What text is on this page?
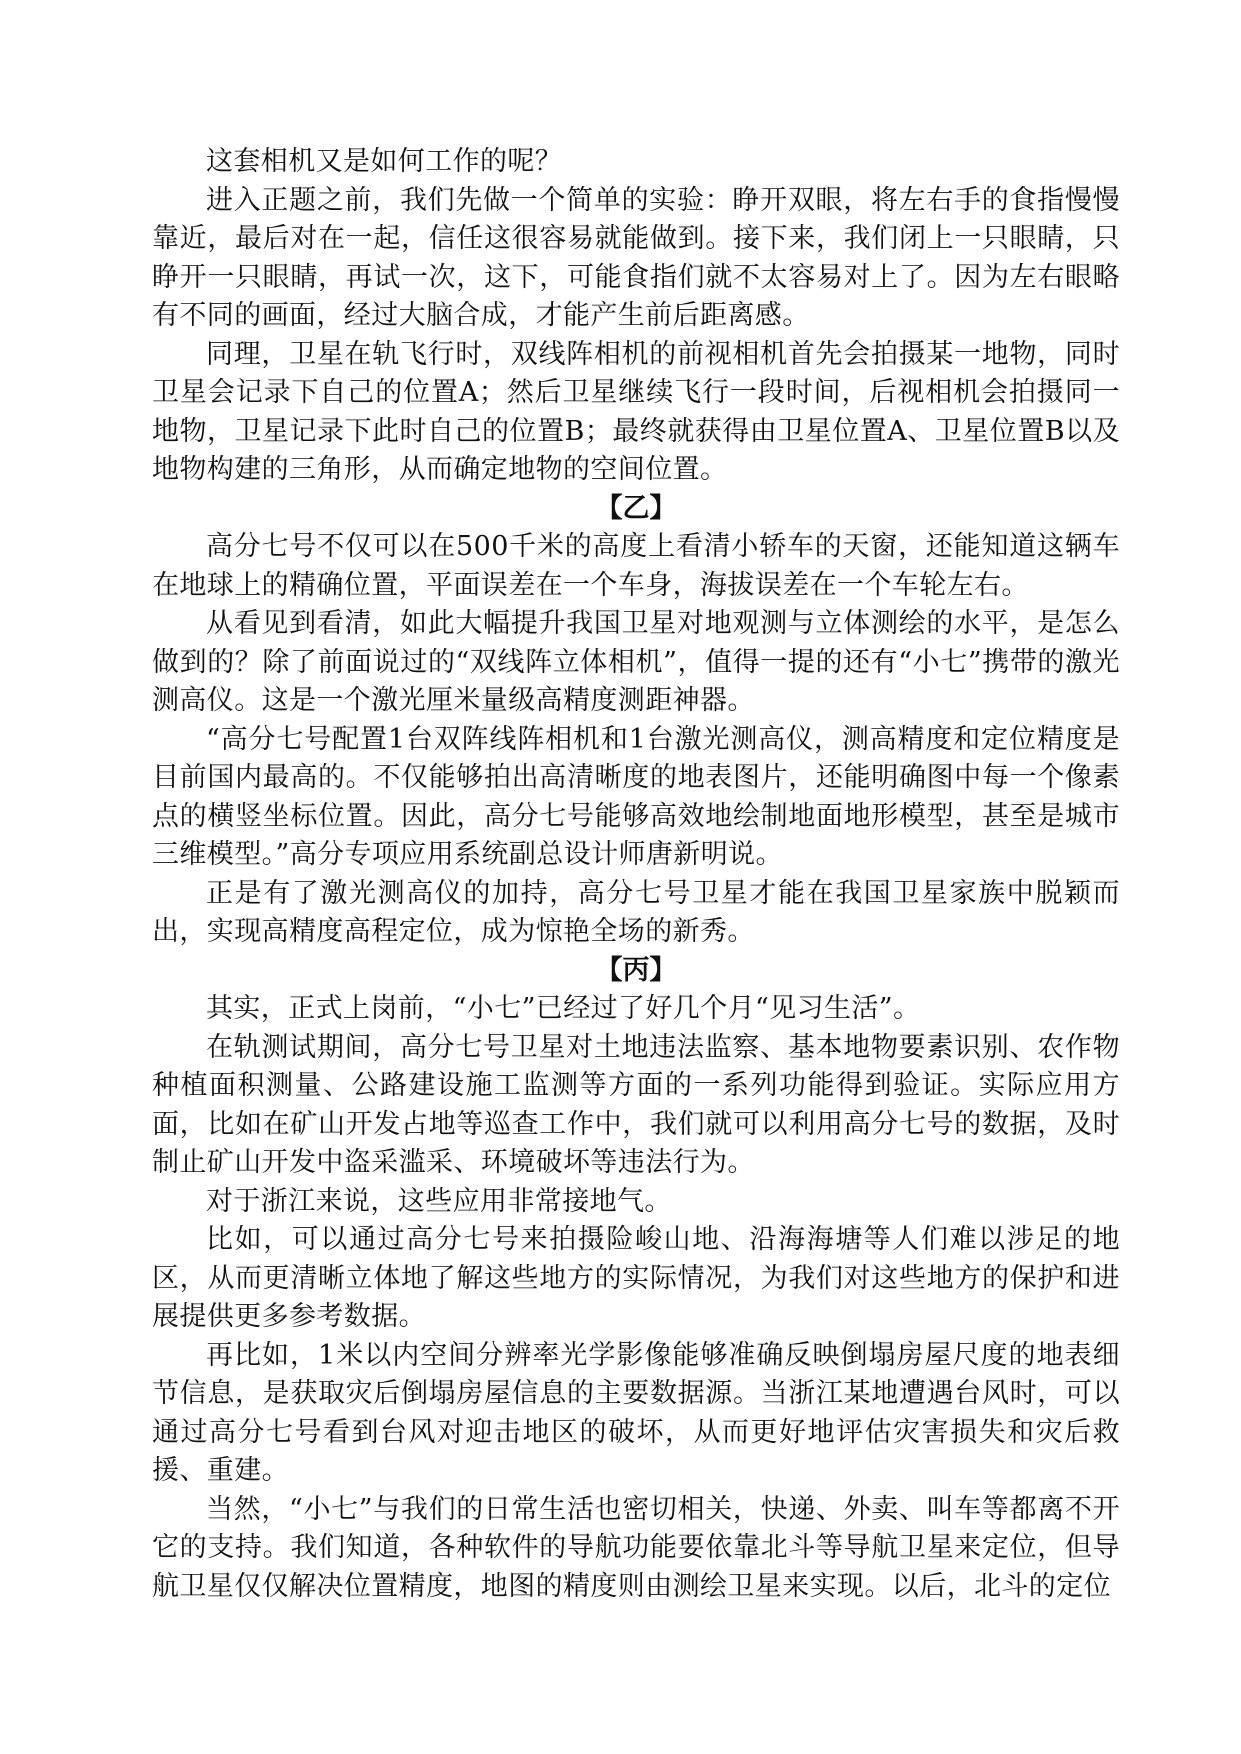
这套相机又是如何工作的呢？

进入正题之前，我们先做一个简单的实验：睁开双眼，将左右手的食指慢慢靠近，最后对在一起，信任这很容易就能做到。接下来，我们闭上一只眼睛，只睁开一只眼睛，再试一次，这下，可能食指们就不太容易对上了。因为左右眼略有不同的画面，经过大脑合成，才能产生前后距离感。

同理，卫星在轨飞行时，双线阵相机的前视相机首先会拍摄某一地物，同时卫星会记录下自己的位置A；然后卫星继续飞行一段时间，后视相机会拍摄同一地物，卫星记录下此时自己的位置B；最终就获得由卫星位置A、卫星位置B以及地物构建的三角形，从而确定地物的空间位置。

【乙】

高分七号不仅可以在500千米的高度上看清小轿车的天窗，还能知道这辆车在地球上的精确位置，平面误差在一个车身，海拔误差在一个车轮左右。

从看见到看清，如此大幅提升我国卫星对地观测与立体测绘的水平，是怎么做到的？除了前面说过的“双线阵立体相机”，值得一提的还有“小七”携带的激光测高仪。这是一个激光厘米量级高精度测距神器。

“高分七号配置1台双阵线阵相机和1台激光测高仪，测高精度和定位精度是目前国内最高的。不仅能够拍出高清晰度的地表图片，还能明确图中每一个像素点的横竖坐标位置。因此，高分七号能够高效地绘制地面地形模型，甚至是城市三维模型。”高分专项应用系统副总设计师唐新明说。

正是有了激光测高仪的加持，高分七号卫星才能在我国卫星家族中脱颖而出，实现高精度高程定位，成为惊艳全场的新秀。

【丙】

其实，正式上岗前，“小七”已经过了好几个月“见习生活”。

在轨测试期间，高分七号卫星对土地违法监察、基本地物要素识别、农作物种植面积测量、公路建设施工监测等方面的一系列功能得到验证。实际应用方面，比如在矿山开发占地等巡查工作中，我们就可以利用高分七号的数据，及时制止矿山开发中盗采滥采、环境破坏等违法行为。

对于浙江来说，这些应用非常接地气。

比如，可以通过高分七号来拍摄险峻山地、沿海海塘等人们难以涉足的地区，从而更清晰立体地了解这些地方的实际情况，为我们对这些地方的保护和进展提供更多参考数据。

再比如，1米以内空间分辨率光学影像能够准确反映倒塌房屋尺度的地表细节信息，是获取灾后倒塌房屋信息的主要数据源。当浙江某地遭遇台风时，可以通过高分七号看到台风对迎击地区的破坏，从而更好地评估灾害损失和灾后救援、重建。

当然，“小七”与我们的日常生活也密切相关，快递、外卖、叫车等都离不开它的支持。我们知道，各种软件的导航功能要依靠北斗等导航卫星来定位，但导航卫星仅仅解决位置精度，地图的精度则由测绘卫星来实现。以后，北斗的定位
